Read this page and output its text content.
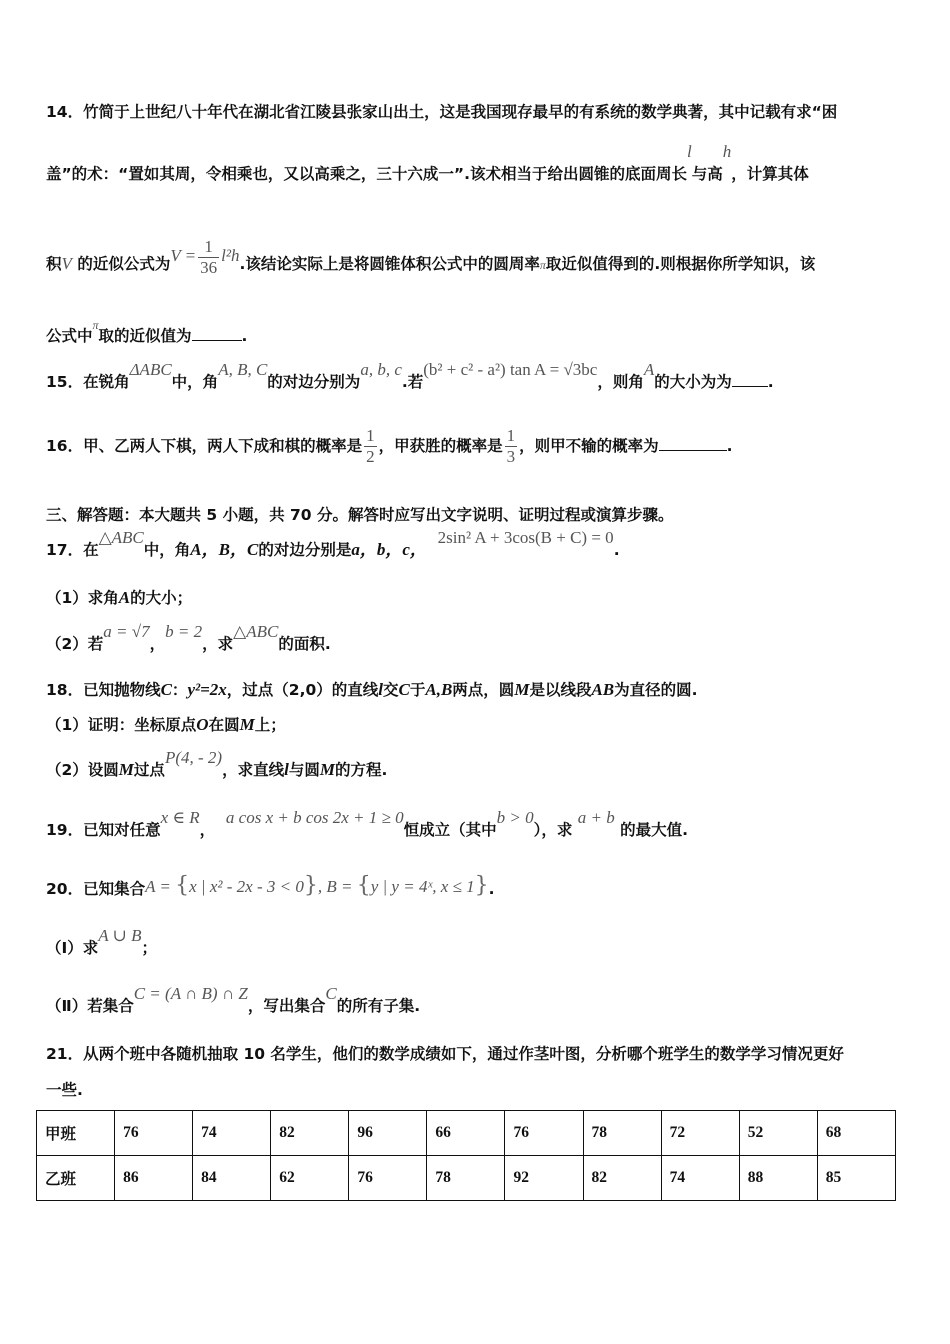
14．竹简于上世纪八十年代在湖北省江陵县张家山出土，这是我国现存最早的有系统的数学典著，其中记载有求“困
盖”的术：“置如其周，令相乘也，又以高乘之，三十六成一”.该术相当于给出圆锥的底面周长l与高h，计算其体
积V 的近似公式为$V = \frac{1}{36} l^2h$.该结论实际上是将圆锥体积公式中的圆周率π取近似值得到的.则根据你所学知识，该
公式中π取的近似值为	.
15．在锐角ΔABC中，角A, B, C的对边分别为a, b, c.若(b² + c² - a²) tan A = √3bc，则角A的大小为为 .
16．甲、乙两人下棋，两人下成和棋的概率是 $\frac{1}{2}$ ，甲获胜的概率是 $\frac{1}{3}$ ，则甲不输的概率为	.
三、解答题：本大题共 5 小题，共 70 分。解答时应写出文字说明、证明过程或演算步骤。
17．在△ABC中，角A，B，C的对边分别是a，b，c，  2sin² A + 3cos(B + C) = 0.
（1）求角A的大小；
（2）若a = √7，b = 2，求△ABC的面积.
18．已知抛物线C：y²=2x，过点（2,0）的直线l交C于A,B两点，圆M是以线段AB为直径的圆.
（1）证明：坐标原点O在圆M上；
（2）设圆M过点P(4, - 2)，求直线l与圆M的方程.
19．已知对任意x ∈ R，  a cos x + b cos 2x + 1 ≥ 0恒成立（其中b > 0），求 a + b 的最大值.
20．已知集合A = {x | x² - 2x - 3 < 0}, B = {y | y = 4ˣ, x ≤ 1}.
（Ⅰ）求A ∪ B；
（Ⅱ）若集合C = (A ∩ B) ∩ Z，写出集合C的所有子集.
21．从两个班中各随机抽取 10 名学生，他们的数学成绩如下，通过作茎叶图，分析哪个班学生的数学学习情况更好
一些.
甲班	76	74	82	96	66	76	78	72	52	68
乙班	86	84	62	76	78	92	82	74	88	85
